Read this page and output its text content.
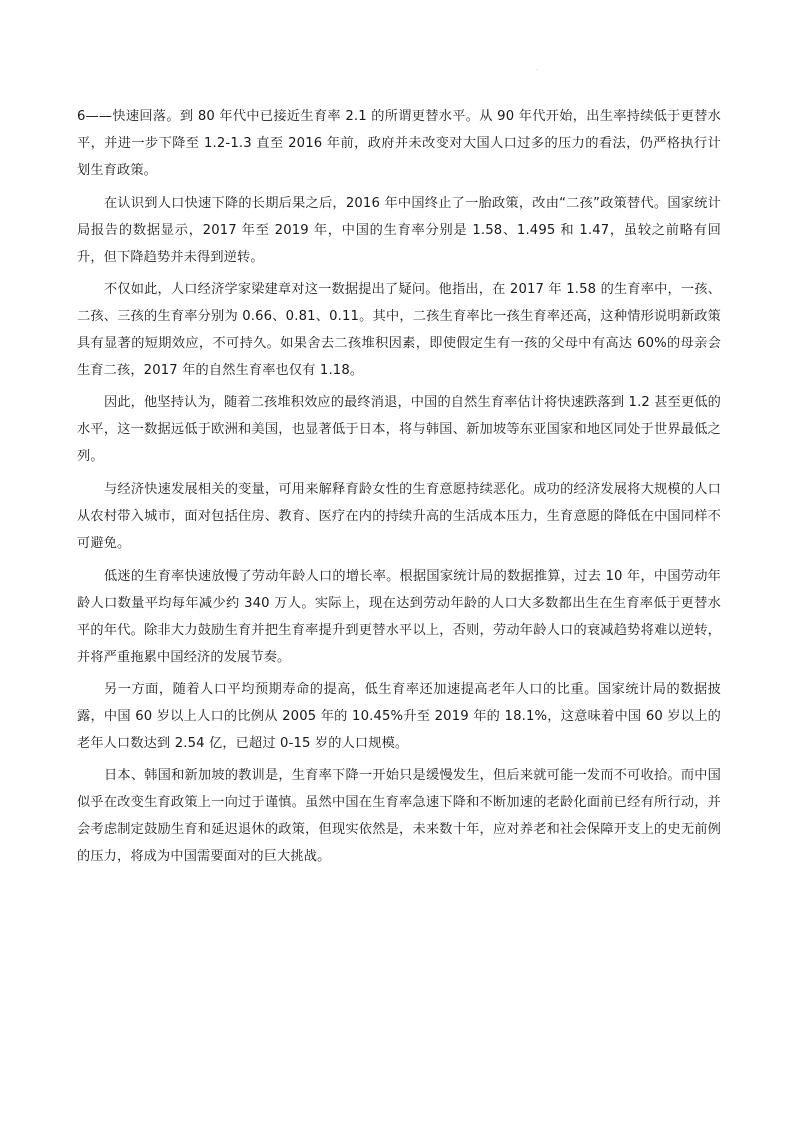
·

6——快速回落。到 80 年代中已接近生育率 2.1 的所谓更替水平。从 90 年代开始，出生率持续低于更替水平，并进一步下降至 1.2-1.3 直至 2016 年前，政府并未改变对大国人口过多的压力的看法，仍严格执行计划生育政策。

在认识到人口快速下降的长期后果之后，2016 年中国终止了一胎政策，改由“二孩”政策替代。国家统计局报告的数据显示，2017 年至 2019 年，中国的生育率分别是 1.58、1.495 和 1.47，虽较之前略有回升，但下降趋势并未得到逆转。

不仅如此，人口经济学家梁建章对这一数据提出了疑问。他指出，在 2017 年 1.58 的生育率中，一孩、二孩、三孩的生育率分别为 0.66、0.81、0.11。其中，二孩生育率比一孩生育率还高，这种情形说明新政策具有显著的短期效应，不可持久。如果舍去二孩堆积因素，即使假定生有一孩的父母中有高达 60%的母亲会生育二孩，2017 年的自然生育率也仅有 1.18。

因此，他坚持认为，随着二孩堆积效应的最终消退，中国的自然生育率估计将快速跌落到 1.2 甚至更低的水平，这一数据远低于欧洲和美国，也显著低于日本，将与韩国、新加坡等东亚国家和地区同处于世界最低之列。

与经济快速发展相关的变量，可用来解释育龄女性的生育意愿持续恶化。成功的经济发展将大规模的人口从农村带入城市，面对包括住房、教育、医疗在内的持续升高的生活成本压力，生育意愿的降低在中国同样不可避免。

低迷的生育率快速放慢了劳动年龄人口的增长率。根据国家统计局的数据推算，过去 10 年，中国劳动年龄人口数量平均每年减少约 340 万人。实际上，现在达到劳动年龄的人口大多数都出生在生育率低于更替水平的年代。除非大力鼓励生育并把生育率提升到更替水平以上，否则，劳动年龄人口的衰减趋势将难以逆转，并将严重拖累中国经济的发展节奏。

另一方面，随着人口平均预期寿命的提高，低生育率还加速提高老年人口的比重。国家统计局的数据披露，中国 60 岁以上人口的比例从 2005 年的 10.45%升至 2019 年的 18.1%，这意味着中国 60 岁以上的老年人口数达到 2.54 亿，已超过 0-15 岁的人口规模。

日本、韩国和新加坡的教训是，生育率下降一开始只是缓慢发生，但后来就可能一发而不可收拾。而中国似乎在改变生育政策上一向过于谨慎。虽然中国在生育率急速下降和不断加速的老龄化面前已经有所行动，并会考虑制定鼓励生育和延迟退休的政策，但现实依然是，未来数十年，应对养老和社会保障开支上的史无前例的压力，将成为中国需要面对的巨大挑战。
